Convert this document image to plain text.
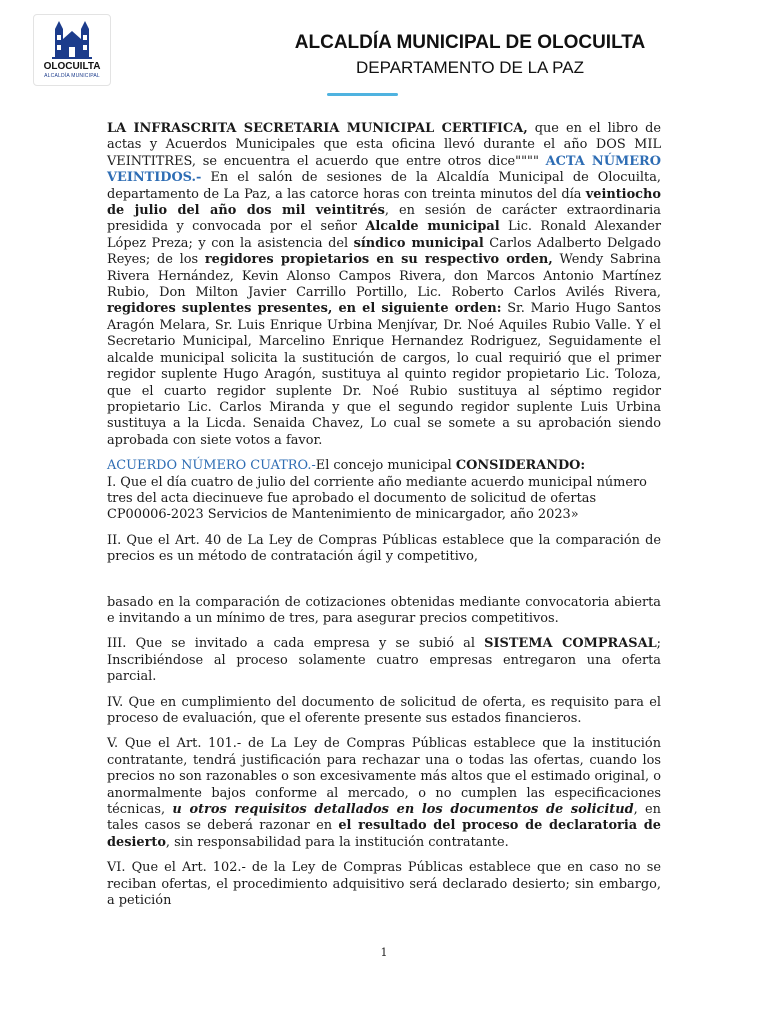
OLOCUILTA
ALCALDÍA MUNICIPAL
ALCALDÍA MUNICIPAL DE OLOCUILTA
DEPARTAMENTO DE LA PAZ

LA INFRASCRITA SECRETARIA MUNICIPAL CERTIFICA, que en el libro de actas y Acuerdos Municipales que esta oficina llevó durante el año DOS MIL VEINTITRES, se encuentra el acuerdo que entre otros dice"""" ACTA NÚMERO VEINTIDOS.- En el salón de sesiones de la Alcaldía Municipal de Olocuilta, departamento de La Paz, a las catorce horas con treinta minutos del día veintiocho de julio del año dos mil veintitrés, en sesión de carácter extraordinaria presidida y convocada por el señor Alcalde municipal Lic. Ronald Alexander López Preza; y con la asistencia del síndico municipal Carlos Adalberto Delgado Reyes; de los regidores propietarios en su respectivo orden, Wendy Sabrina Rivera Hernández, Kevin Alonso Campos Rivera, don Marcos Antonio Martínez Rubio, Don Milton Javier Carrillo Portillo, Lic. Roberto Carlos Avilés Rivera, regidores suplentes presentes, en el siguiente orden: Sr. Mario Hugo Santos Aragón Melara, Sr. Luis Enrique Urbina Menjívar, Dr. Noé Aquiles Rubio Valle. Y el Secretario Municipal, Marcelino Enrique Hernandez Rodriguez, Seguidamente el alcalde municipal solicita la sustitución de cargos, lo cual requirió que el primer regidor suplente Hugo Aragón, sustituya al quinto regidor propietario Lic. Toloza, que el cuarto regidor suplente Dr. Noé Rubio sustituya al séptimo regidor propietario Lic. Carlos Miranda y que el segundo regidor suplente Luis Urbina sustituya a la Licda. Senaida Chavez, Lo cual se somete a su aprobación siendo aprobada con siete votos a favor.

ACUERDO NÚMERO CUATRO.-El concejo municipal CONSIDERANDO:
I. Que el día cuatro de julio del corriente año mediante acuerdo municipal número tres del acta diecinueve fue aprobado el documento de solicitud de ofertas CP00006-2023 Servicios de Mantenimiento de minicargador, año 2023»

II. Que el Art. 40 de La Ley de Compras Públicas establece que la comparación de precios es un método de contratación ágil y competitivo,

basado en la comparación de cotizaciones obtenidas mediante convocatoria abierta e invitando a un mínimo de tres, para asegurar precios competitivos.

III. Que se invitado a cada empresa y se subió al SISTEMA COMPRASAL; Inscribiéndose al proceso solamente cuatro empresas entregaron una oferta parcial.

IV. Que en cumplimiento del documento de solicitud de oferta, es requisito para el proceso de evaluación, que el oferente presente sus estados financieros.

V. Que el Art. 101.- de La Ley de Compras Públicas establece que la institución contratante, tendrá justificación para rechazar una o todas las ofertas, cuando los precios no son razonables o son excesivamente más altos que el estimado original, o anormalmente bajos conforme al mercado, o no cumplen las especificaciones técnicas, u otros requisitos detallados en los documentos de solicitud, en tales casos se deberá razonar en el resultado del proceso de declaratoria de desierto, sin responsabilidad para la institución contratante.

VI. Que el Art. 102.- de la Ley de Compras Públicas establece que en caso no se reciban ofertas, el procedimiento adquisitivo será declarado desierto; sin embargo, a petición

1
